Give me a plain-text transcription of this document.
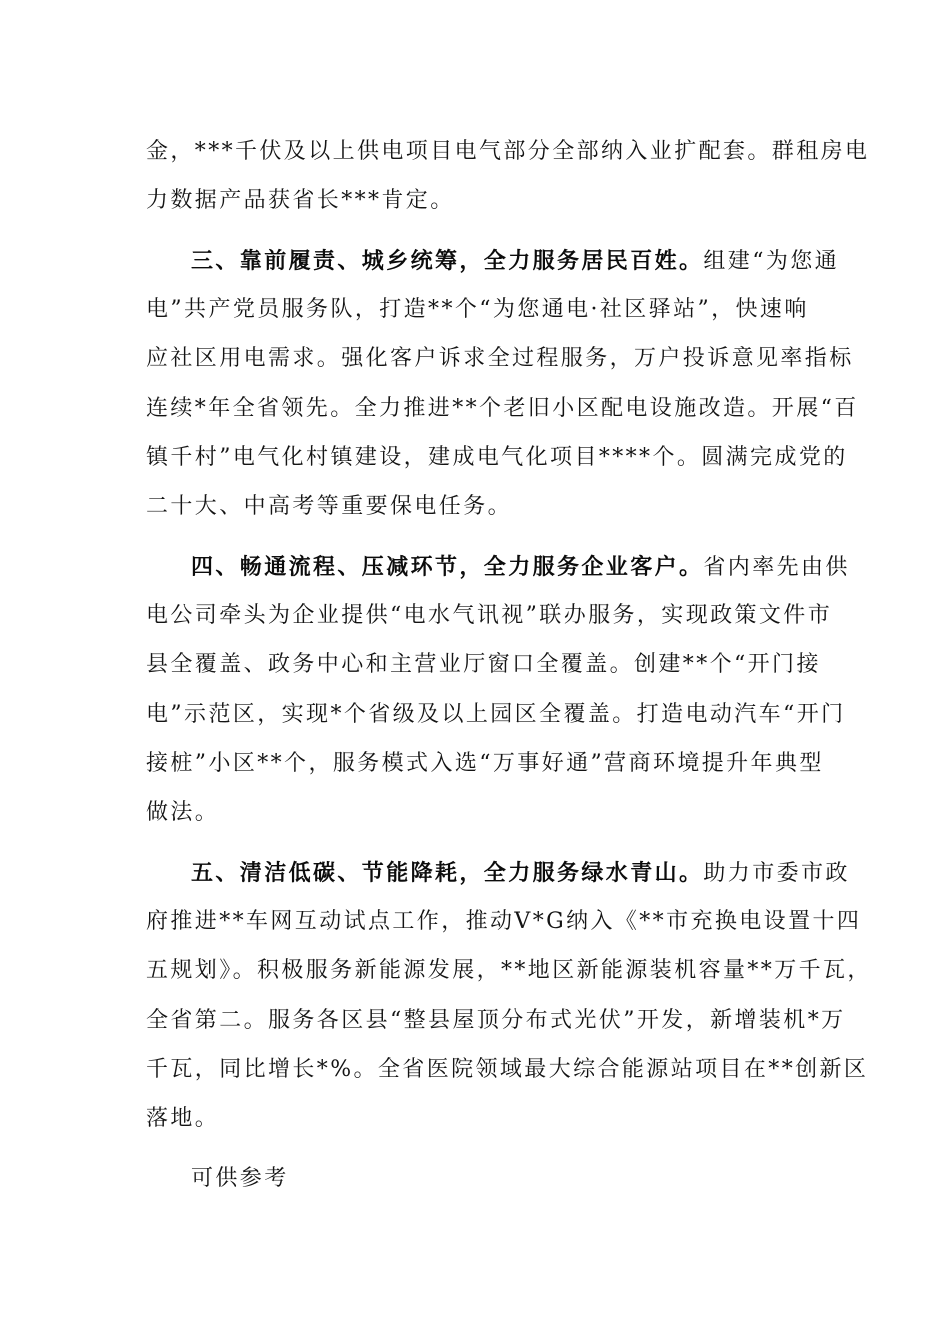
金，***千伏及以上供电项目电气部分全部纳入业扩配套。群租房电
力数据产品获省长***肯定。
三、靠前履责、城乡统筹，全力服务居民百姓。组建“为您通
电”共产党员服务队，打造**个“为您通电·社区驿站”，快速响
应社区用电需求。强化客户诉求全过程服务，万户投诉意见率指标
连续*年全省领先。全力推进**个老旧小区配电设施改造。开展“百
镇千村”电气化村镇建设，建成电气化项目****个。圆满完成党的
二十大、中高考等重要保电任务。
四、畅通流程、压减环节，全力服务企业客户。省内率先由供
电公司牵头为企业提供“电水气讯视”联办服务，实现政策文件市
县全覆盖、政务中心和主营业厅窗口全覆盖。创建**个“开门接
电”示范区，实现*个省级及以上园区全覆盖。打造电动汽车“开门
接桩”小区**个，服务模式入选“万事好通”营商环境提升年典型
做法。
五、清洁低碳、节能降耗，全力服务绿水青山。助力市委市政
府推进**车网互动试点工作，推动V*G纳入《**市充换电设置十四
五规划》。积极服务新能源发展，**地区新能源装机容量**万千瓦，
全省第二。服务各区县“整县屋顶分布式光伏”开发，新增装机*万
千瓦，同比增长*%。全省医院领域最大综合能源站项目在**创新区
落地。
可供参考
